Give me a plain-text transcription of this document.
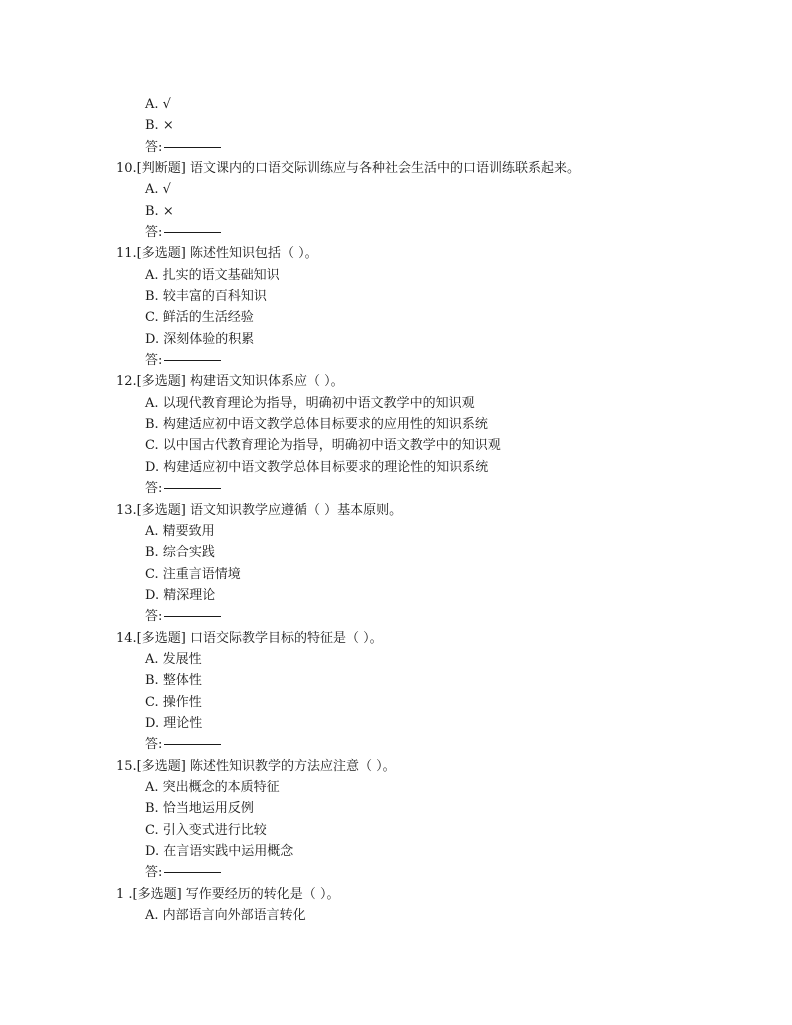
A. √
B. ×
答:
10.[判断题] 语文课内的口语交际训练应与各种社会生活中的口语训练联系起来。
A. √
B. ×
答:
11.[多选题] 陈述性知识包括（ ）。
A. 扎实的语文基础知识
B. 较丰富的百科知识
C. 鲜活的生活经验
D. 深刻体验的积累
答:
12.[多选题] 构建语文知识体系应（ ）。
A. 以现代教育理论为指导，明确初中语文教学中的知识观
B. 构建适应初中语文教学总体目标要求的应用性的知识系统
C. 以中国古代教育理论为指导，明确初中语文教学中的知识观
D. 构建适应初中语文教学总体目标要求的理论性的知识系统
答:
13.[多选题] 语文知识教学应遵循（ ）基本原则。
A. 精要致用
B. 综合实践
C. 注重言语情境
D. 精深理论
答:
14.[多选题] 口语交际教学目标的特征是（ ）。
A. 发展性
B. 整体性
C. 操作性
D. 理论性
答:
15.[多选题] 陈述性知识教学的方法应注意（ ）。
A. 突出概念的本质特征
B. 恰当地运用反例
C. 引入变式进行比较
D. 在言语实践中运用概念
答:
1 .[多选题] 写作要经历的转化是（ ）。
A. 内部语言向外部语言转化
